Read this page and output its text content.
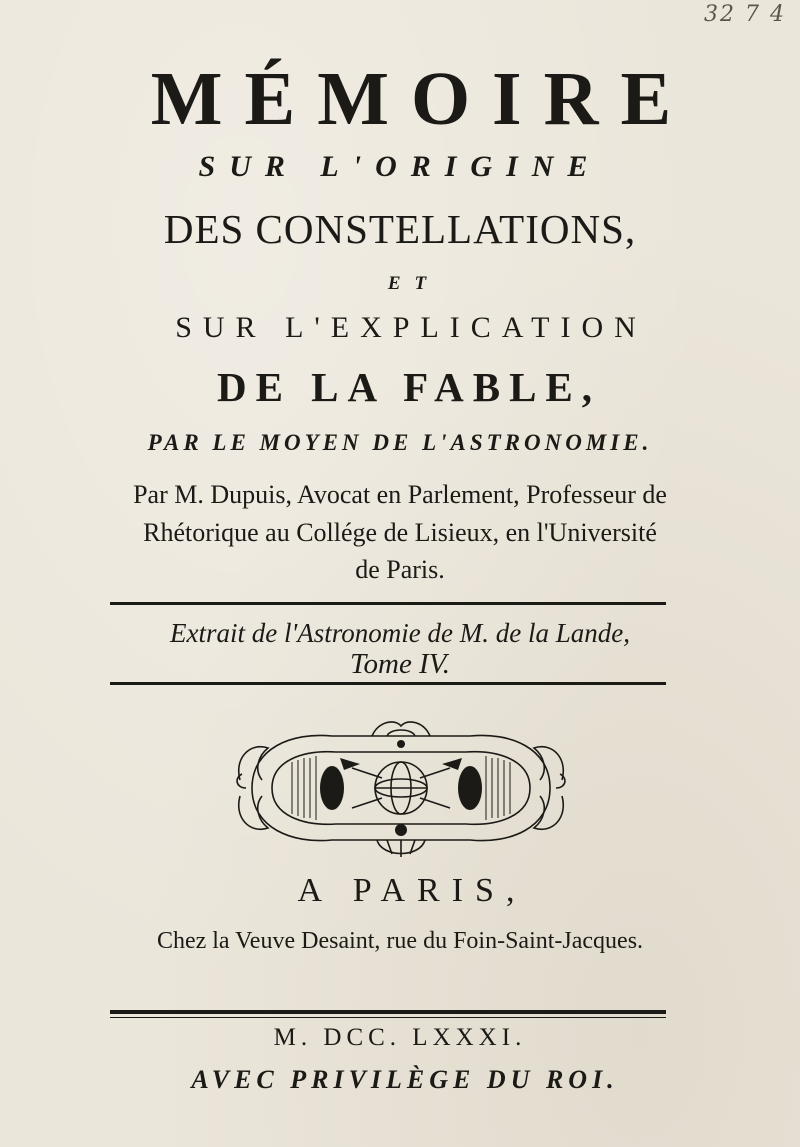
32 7 4
MÉMOIRE
SUR L'ORIGINE
DES CONSTELLATIONS,
ET
SUR L'EXPLICATION
DE LA FABLE,
PAR LE MOYEN DE L'ASTRONOMIE.
Par M. Dupuis, Avocat en Parlement, Professeur de
Rhétorique au Collége de Lisieux, en l'Université
de Paris.
Extrait de l'Astronomie de M. de la Lande,
Tome IV.
A PARIS,
Chez la Veuve Desaint, rue du Foin-Saint-Jacques.
M. DCC. LXXXI.
AVEC PRIVILÈGE DU ROI.
